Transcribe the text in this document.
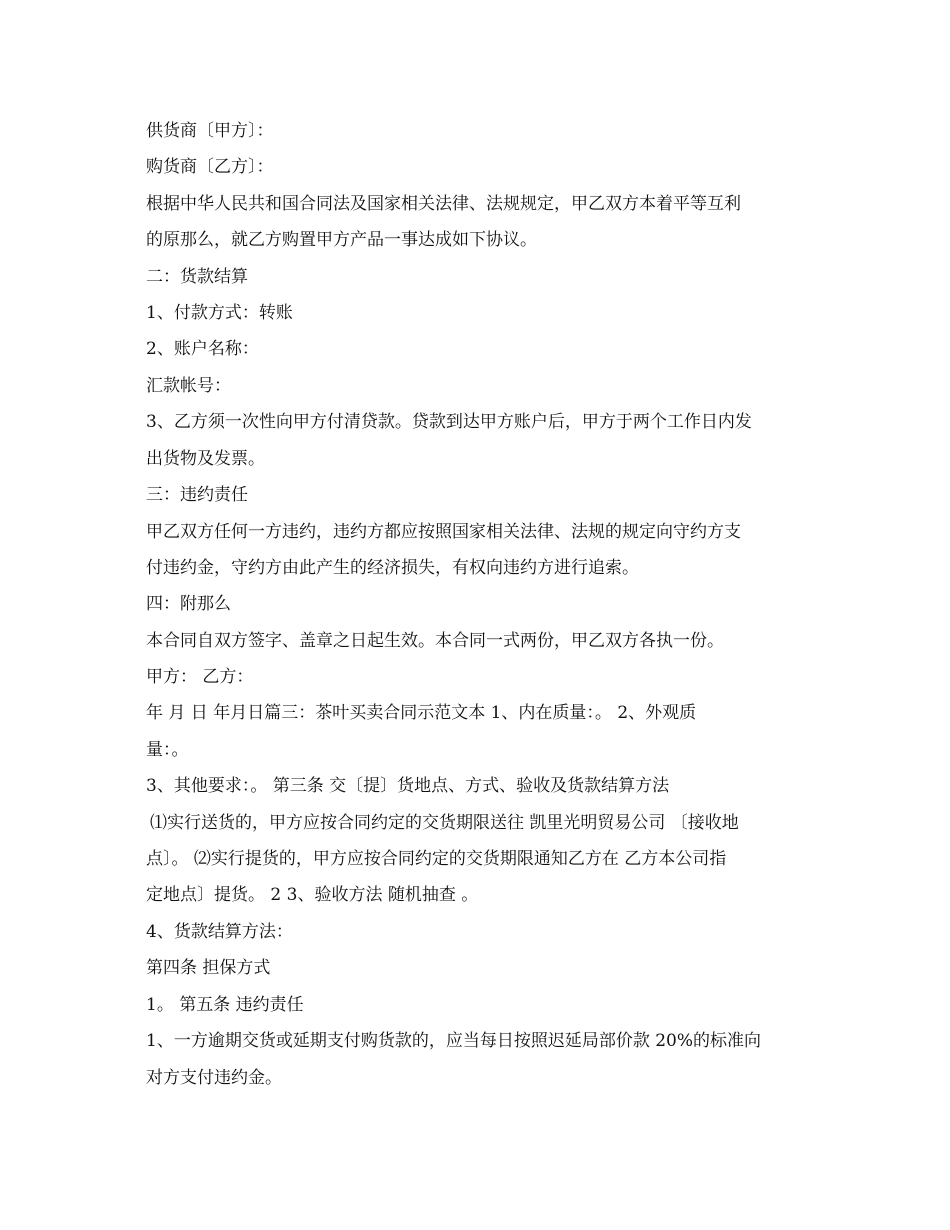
供货商〔甲方〕：
购货商〔乙方〕：
根据中华人民共和国合同法及国家相关法律、法规规定，甲乙双方本着平等互利
的原那么，就乙方购置甲方产品一事达成如下协议。
二：货款结算
1、付款方式：转账
2、账户名称：
汇款帐号：
3、乙方须一次性向甲方付清贷款。贷款到达甲方账户后，甲方于两个工作日内发
出货物及发票。
三：违约责任
甲乙双方任何一方违约，违约方都应按照国家相关法律、法规的规定向守约方支
付违约金，守约方由此产生的经济损失，有权向违约方进行追索。
四：附那么
本合同自双方签字、盖章之日起生效。本合同一式两份，甲乙双方各执一份。
甲方： 乙方：
年 月 日 年月日篇三：茶叶买卖合同示范文本 1、内在质量：。 2、外观质
量：。
3、其他要求：。 第三条 交〔提〕货地点、方式、验收及货款结算方法
⑴实行送货的，甲方应按合同约定的交货期限送往 凯里光明贸易公司 〔接收地
点〕。 ⑵实行提货的，甲方应按合同约定的交货期限通知乙方在 乙方本公司指
定地点〕提货。 2 3、验收方法 随机抽查 。
4、货款结算方法：
第四条 担保方式
1。 第五条 违约责任
1、一方逾期交货或延期支付购货款的，应当每日按照迟延局部价款 20%的标准向
对方支付违约金。
